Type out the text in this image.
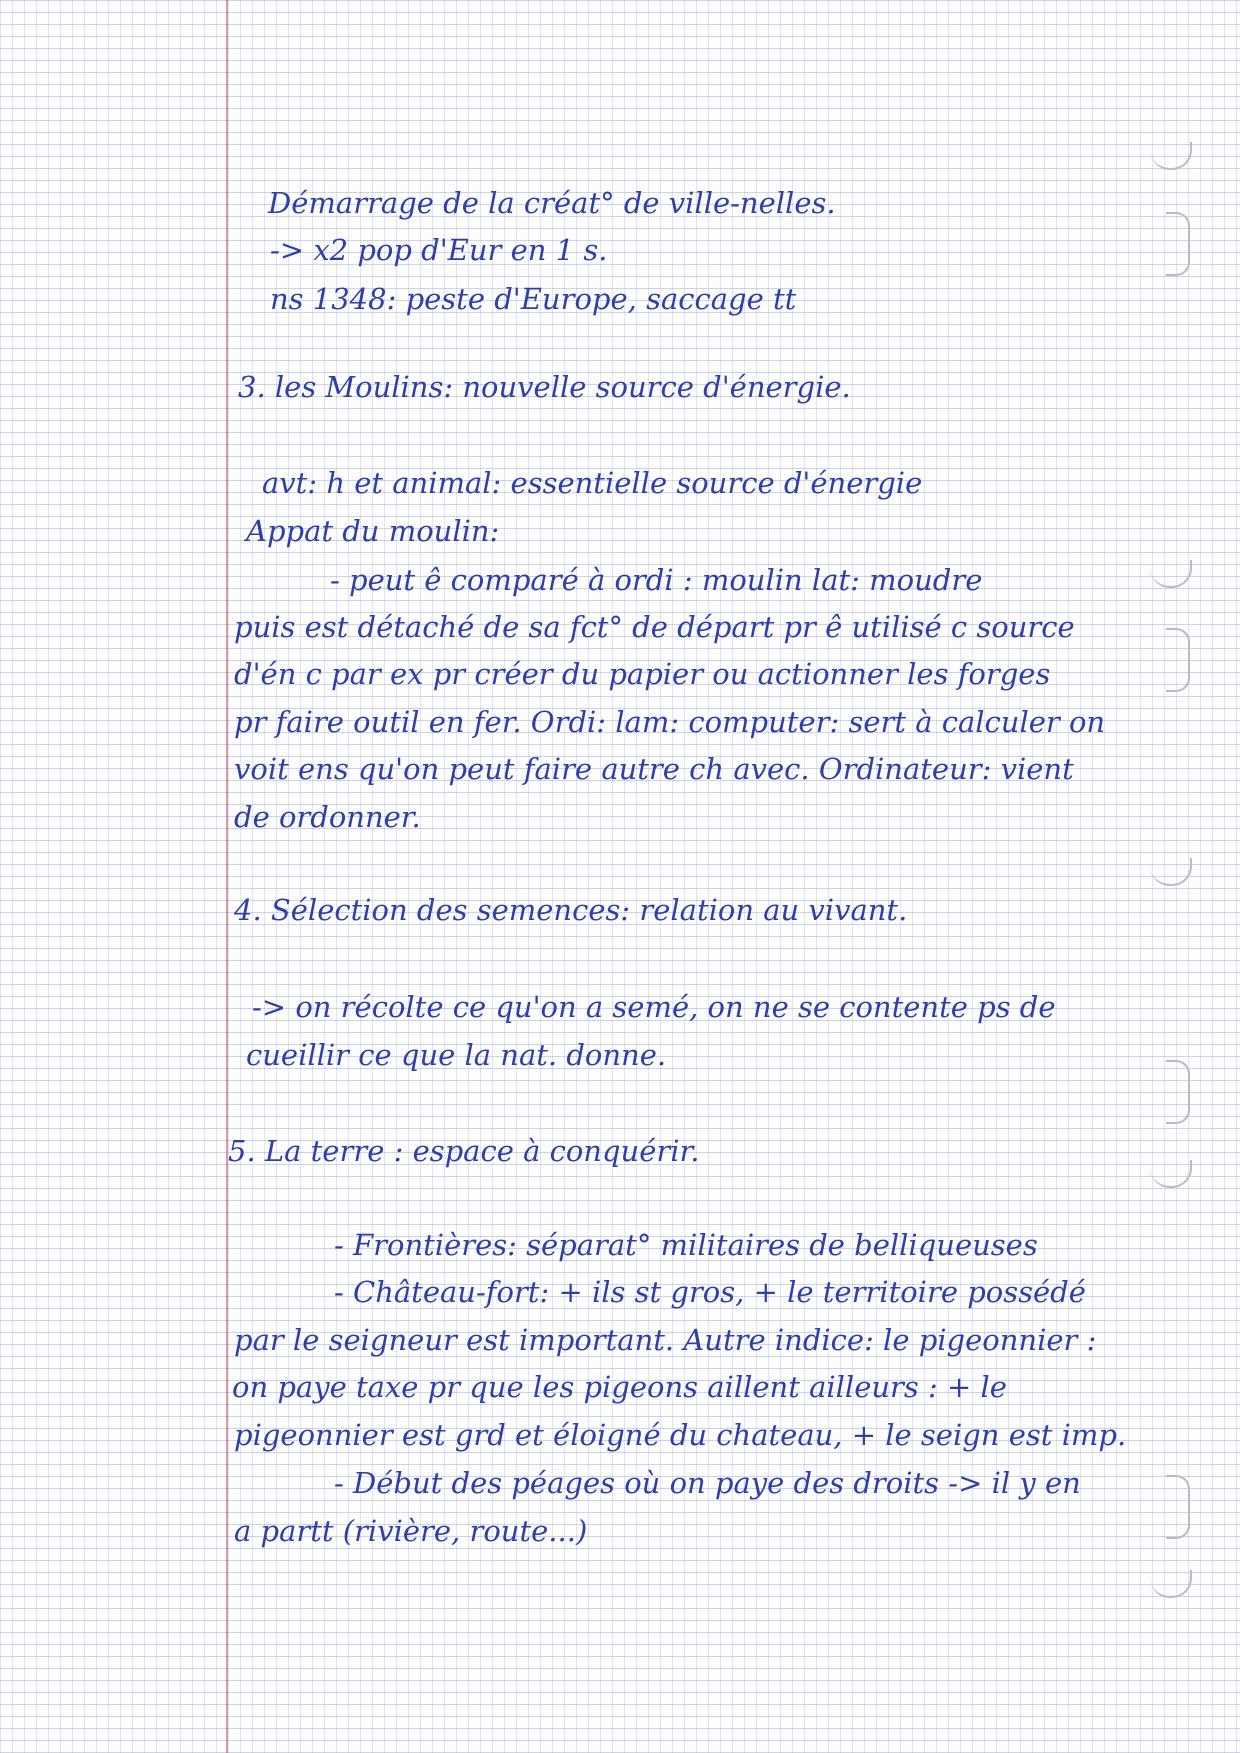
Démarrage de la créat° de ville-nelles.

-> x2 pop d'Eur en 1 s.

ns 1348: peste d'Europe, saccage tt

3. les Moulins: nouvelle source d'énergie.

avt: h et animal: essentielle source d'énergie

Appat du moulin:

- peut ê comparé à ordi : moulin lat: moudre

puis est détaché de sa fct° de départ pr ê utilisé c source

d'én c par ex pr créer du papier ou actionner les forges

pr faire outil en fer. Ordi: lam: computer: sert à calculer on

voit ens qu'on peut faire autre ch avec. Ordinateur: vient

de ordonner.

4. Sélection des semences: relation au vivant.

-> on récolte ce qu'on a semé, on ne se contente ps de

cueillir ce que la nat. donne.

5. La terre : espace à conquérir.

- Frontières: séparat° militaires de belliqueuses

- Château-fort: + ils st gros, + le territoire possédé

par le seigneur est important. Autre indice: le pigeonnier :

on paye taxe pr que les pigeons aillent ailleurs : + le

pigeonnier est grd et éloigné du chateau, + le seign est imp.

- Début des péages où on paye des droits -> il y en

a partt (rivière, route...)
